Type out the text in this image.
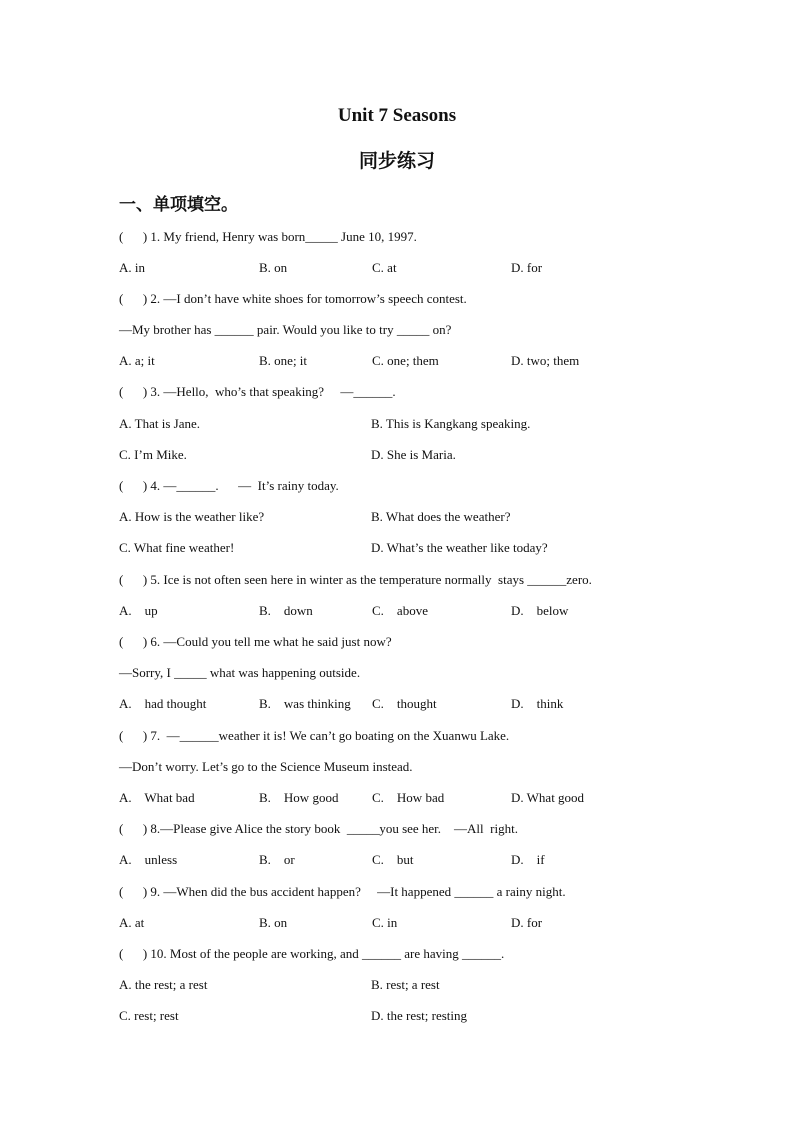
Unit 7 Seasons
同步练习
一、单项填空。
(      ) 1. My friend, Henry was born_____ June 10, 1997.
A. in	B. on	C. at	D. for
(      ) 2. —I don’t have white shoes for tomorrow’s speech contest.
—My brother has ______ pair. Would you like to try _____ on?
A. a; it	B. one; it	C. one; them	D. two; them
(      ) 3. —Hello,  who’s that speaking?     —______.
A. That is Jane.	B. This is Kangkang speaking.
C. I’m Mike.	D. She is Maria.
(      ) 4. —______.      —  It’s rainy today.
A. How is the weather like?	B. What does the weather?
C. What fine weather!	D. What’s the weather like today?
(      ) 5. Ice is not often seen here in winter as the temperature normally  stays ______zero.
A.    up	B.    down	C.    above	D.    below
(      ) 6. —Could you tell me what he said just now?
—Sorry, I _____ what was happening outside.
A.    had thought	B.    was thinking C.    thought	D.    think
(      ) 7.  —______weather it is! We can’t go boating on the Xuanwu Lake.
—Don’t worry. Let’s go to the Science Museum instead.
A.    What bad	B.    How good	C.    How bad	D. What good
(      ) 8.—Please give Alice the story book  _____you see her.    —All  right.
A.    unless	B.    or	C.    but	D.    if
(      ) 9. —When did the bus accident happen?     —It happened ______ a rainy night.
A. at	B. on	C. in	D. for
(      ) 10. Most of the people are working, and ______ are having ______.
A. the rest; a rest	B. rest; a rest
C. rest; rest	D. the rest; resting
